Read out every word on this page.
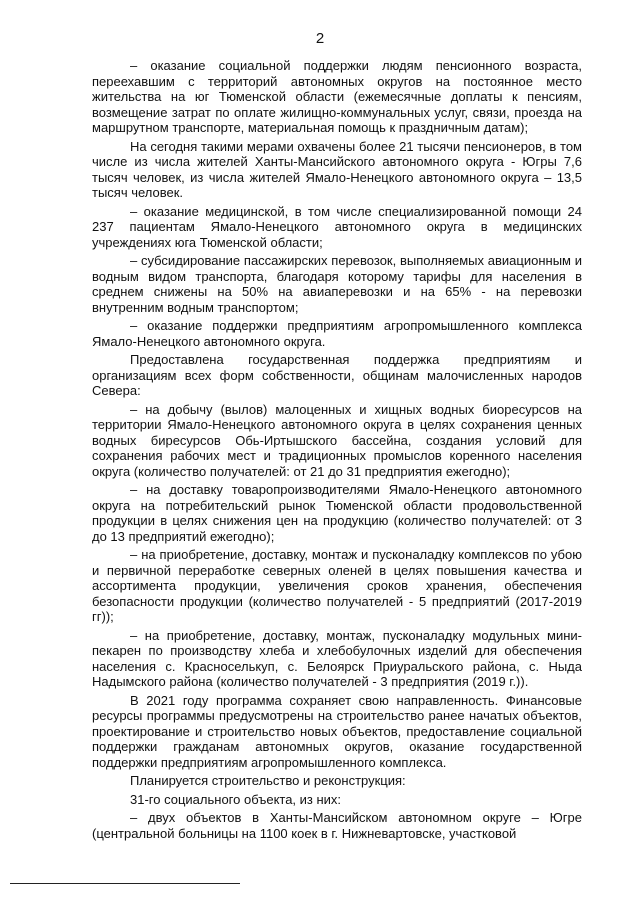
2

– оказание социальной поддержки людям пенсионного возраста, переехавшим с территорий автономных округов на постоянное место жительства на юг Тюменской области (ежемесячные доплаты к пенсиям, возмещение затрат по оплате жилищно-коммунальных услуг, связи, проезда на маршрутном транспорте, материальная помощь к праздничным датам);

На сегодня такими мерами охвачены более 21 тысячи пенсионеров, в том числе из числа жителей Ханты-Мансийского автономного округа - Югры 7,6 тысяч человек, из числа жителей Ямало-Ненецкого автономного округа – 13,5 тысяч человек.

– оказание медицинской, в том числе специализированной помощи 24 237 пациентам Ямало-Ненецкого автономного округа в медицинских учреждениях юга Тюменской области;

– субсидирование пассажирских перевозок, выполняемых авиационным и водным видом транспорта, благодаря которому тарифы для населения в среднем снижены на 50% на авиаперевозки и на 65% - на перевозки внутренним водным транспортом;

– оказание поддержки предприятиям агропромышленного комплекса Ямало-Ненецкого автономного округа.

Предоставлена государственная поддержка предприятиям и организациям всех форм собственности, общинам малочисленных народов Севера:

– на добычу (вылов) малоценных и хищных водных биоресурсов на территории Ямало-Ненецкого автономного округа в целях сохранения ценных водных биресурсов Обь-Иртышского бассейна, создания условий для сохранения рабочих мест и традиционных промыслов коренного населения округа (количество получателей: от 21 до 31 предприятия ежегодно);

– на доставку товаропроизводителями Ямало-Ненецкого автономного округа на потребительский рынок Тюменской области продовольственной продукции в целях снижения цен на продукцию (количество получателей: от 3 до 13 предприятий ежегодно);

– на приобретение, доставку, монтаж и пусконаладку комплексов по убою и первичной переработке северных оленей в целях повышения качества и ассортимента продукции, увеличения сроков хранения, обеспечения безопасности продукции (количество получателей - 5 предприятий (2017-2019 гг));

– на приобретение, доставку, монтаж, пусконаладку модульных мини-пекарен по производству хлеба и хлебобулочных изделий для обеспечения населения с. Красноселькуп, с. Белоярск Приуральского района, с. Ныда Надымского района (количество получателей - 3 предприятия (2019 г.)).

В 2021 году программа сохраняет свою направленность. Финансовые ресурсы программы предусмотрены на строительство ранее начатых объектов, проектирование и строительство новых объектов, предоставление социальной поддержки гражданам автономных округов, оказание государственной поддержки предприятиям агропромышленного комплекса.

Планируется строительство и реконструкция:

31-го социального объекта, из них:

– двух объектов в Ханты-Мансийском автономном округе – Югре (центральной больницы на 1100 коек в г. Нижневартовске, участковой
